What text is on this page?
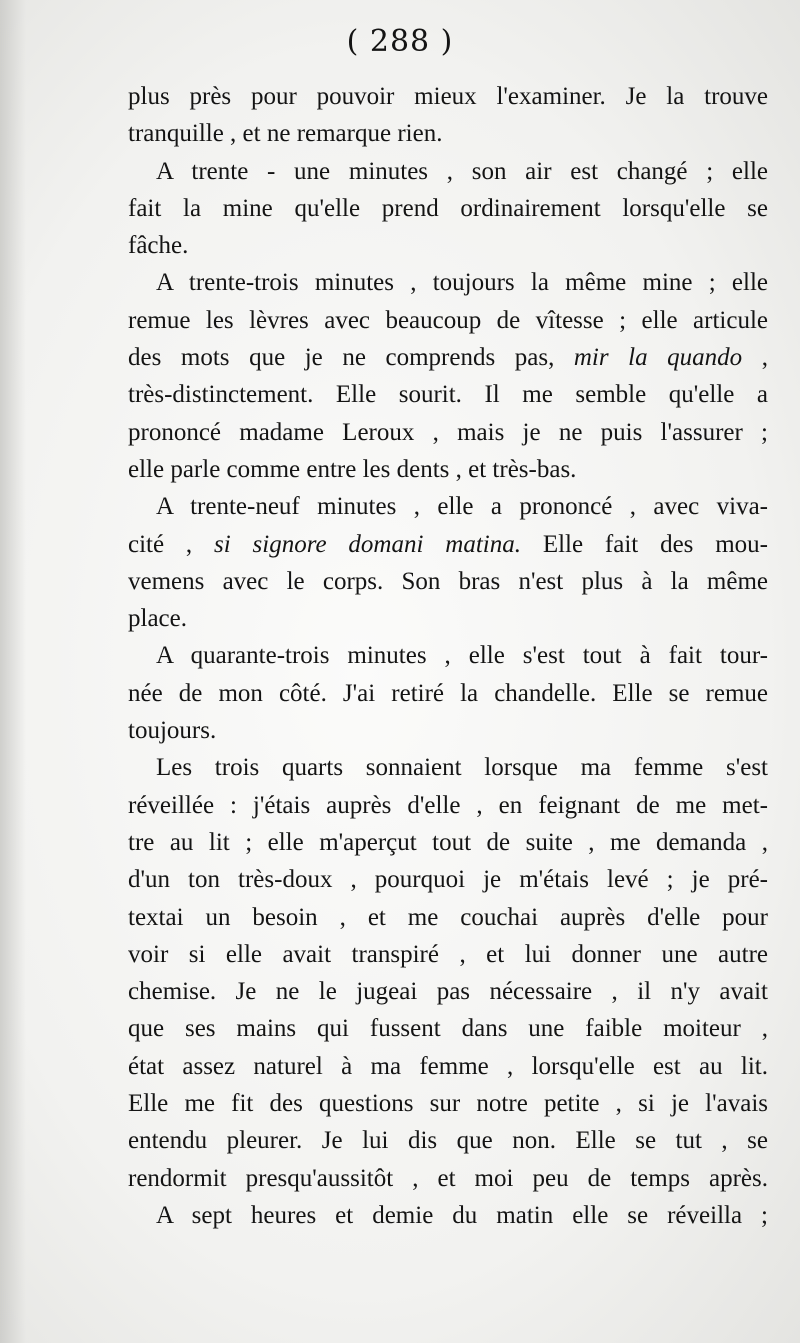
( 288 )
plus près pour pouvoir mieux l'examiner. Je la trouve
tranquille , et ne remarque rien.
A trente - une minutes , son air est changé ; elle
fait la mine qu'elle prend ordinairement lorsqu'elle se
fâche.
A trente-trois minutes , toujours la même mine ; elle
remue les lèvres avec beaucoup de vîtesse ; elle articule
des mots que je ne comprends pas, mir la quando ,
très-distinctement. Elle sourit. Il me semble qu'elle a
prononcé madame Leroux , mais je ne puis l'assurer ;
elle parle comme entre les dents , et très-bas.
A trente-neuf minutes , elle a prononcé , avec viva-
cité , si signore domani matina. Elle fait des mou-
vemens avec le corps. Son bras n'est plus à la même
place.
A quarante-trois minutes , elle s'est tout à fait tour-
née de mon côté. J'ai retiré la chandelle. Elle se remue
toujours.
Les trois quarts sonnaient lorsque ma femme s'est
réveillée : j'étais auprès d'elle , en feignant de me met-
tre au lit ; elle m'aperçut tout de suite , me demanda ,
d'un ton très-doux , pourquoi je m'étais levé ; je pré-
textai un besoin , et me couchai auprès d'elle pour
voir si elle avait transpiré , et lui donner une autre
chemise. Je ne le jugeai pas nécessaire , il n'y avait
que ses mains qui fussent dans une faible moiteur ,
état assez naturel à ma femme , lorsqu'elle est au lit.
Elle me fit des questions sur notre petite , si je l'avais
entendu pleurer. Je lui dis que non. Elle se tut , se
rendormit presqu'aussitôt , et moi peu de temps après.
A sept heures et demie du matin elle se réveilla ;
